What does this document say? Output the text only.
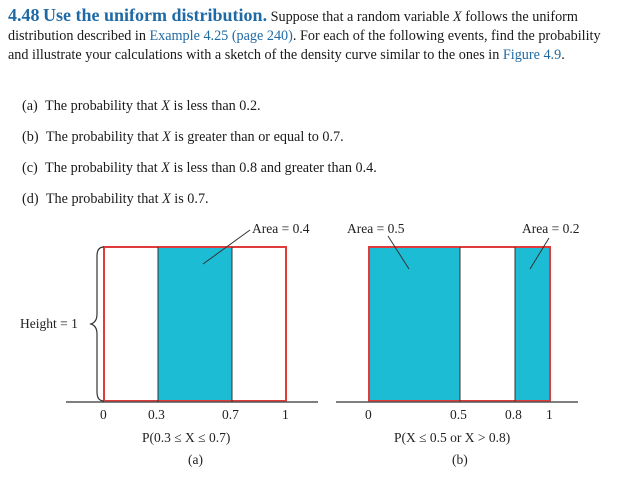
4.48 Use the uniform distribution. Suppose that a random variable X follows the uniform distribution described in Example 4.25 (page 240). For each of the following events, find the probability and illustrate your calculations with a sketch of the density curve similar to the ones in Figure 4.9.
(a) The probability that X is less than 0.2.
(b) The probability that X is greater than or equal to 0.7.
(c) The probability that X is less than 0.8 and greater than 0.4.
(d) The probability that X is 0.7.
Height = 1
Area = 0.4
0	0.3	0.7	1
P(0.3 ≤ X ≤ 0.7)
(a)
Area = 0.5	Area = 0.2
0	0.5	0.8 1
P(X ≤ 0.5 or X > 0.8)
(b)
